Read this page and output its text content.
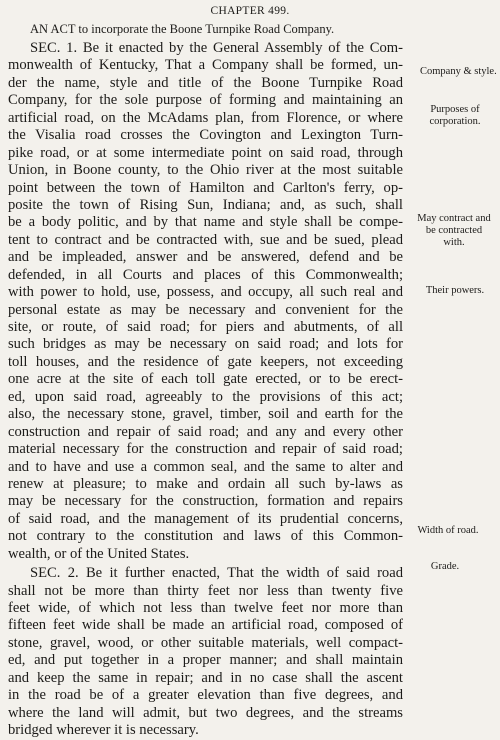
CHAPTER 499.
AN ACT to incorporate the Boone Turnpike Road Company.
SEC. 1. Be it enacted by the General Assembly of the Com-
monwealth of Kentucky, That a Company shall be formed, un-
der the name, style and title of the Boone Turnpike Road
Company, for the sole purpose of forming and maintaining an
artificial road, on the McAdams plan, from Florence, or where
the Visalia road crosses the Covington and Lexington Turn-
pike road, or at some intermediate point on said road, through
Union, in Boone county, to the Ohio river at the most suitable
point between the town of Hamilton and Carlton's ferry, op-
posite the town of Rising Sun, Indiana; and, as such, shall
be a body politic, and by that name and style shall be compe-
tent to contract and be contracted with, sue and be sued, plead
and be impleaded, answer and be answered, defend and be
defended, in all Courts and places of this Commonwealth;
with power to hold, use, possess, and occupy, all such real and
personal estate as may be necessary and convenient for the
site, or route, of said road; for piers and abutments, of all
such bridges as may be necessary on said road; and lots for
toll houses, and the residence of gate keepers, not exceeding
one acre at the site of each toll gate erected, or to be erect-
ed, upon said road, agreeably to the provisions of this act;
also, the necessary stone, gravel, timber, soil and earth for the
construction and repair of said road; and any and every other
material necessary for the construction and repair of said road;
and to have and use a common seal, and the same to alter and
renew at pleasure; to make and ordain all such by-laws as
may be necessary for the construction, formation and repairs
of said road, and the management of its prudential concerns,
not contrary to the constitution and laws of this Common-
wealth, or of the United States.
SEC. 2. Be it further enacted, That the width of said road
shall not be more than thirty feet nor less than twenty five
feet wide, of which not less than twelve feet nor more than
fifteen feet wide shall be made an artificial road, composed of
stone, gravel, wood, or other suitable materials, well compact-
ed, and put together in a proper manner; and shall maintain
and keep the same in repair; and in no case shall the ascent
in the road be of a greater elevation than five degrees, and
where the land will admit, but two degrees, and the streams
bridged wherever it is necessary.
Company & style.
Purposes of corporation.
May contract and be contracted with.
Their powers.
Width of road.
Grade.
